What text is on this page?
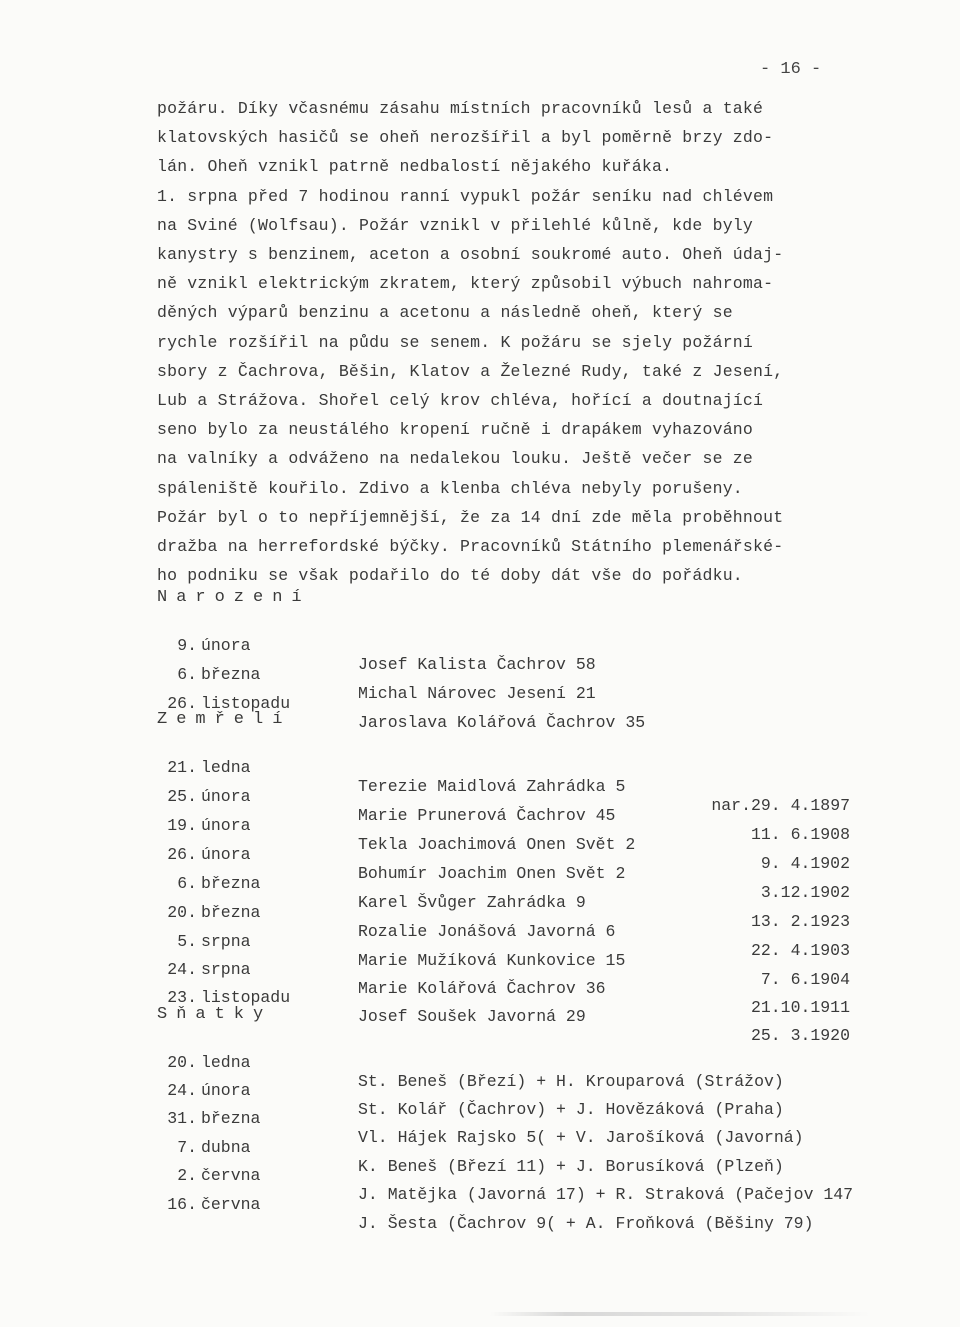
- 16 -
požáru. Díky včasnému zásahu místních pracovníků lesů a také
klatovských hasičů se oheň nerozšířil a byl poměrně brzy zdo-
lán. Oheň vznikl patrně nedbalostí nějakého kuřáka.
1. srpna před 7 hodinou ranní vypukl požár seníku nad chlévem
na Sviné (Wolfsau). Požár vznikl v přilehlé kůlně, kde byly
kanystry s benzinem, aceton a osobní soukromé auto. Oheň údaj-
ně vznikl elektrickým zkratem, který způsobil výbuch nahroma-
děných výparů benzinu a acetonu a následně oheň, který se
rychle rozšířil na půdu se senem. K požáru se sjely požární
sbory z Čachrova, Běšin, Klatov a Železné Rudy, také z Jesení,
Lub a Strážova. Shořel celý krov chléva, hořící a doutnající
seno bylo za neustálého kropení ručně i drapákem vyhazováno
na valníky a odváženo na nedalekou louku. Ještě večer se ze
spáleniště kouřilo. Zdivo a klenba chléva nebyly porušeny.
Požár byl o to nepříjemnější, že za 14 dní zde měla proběhnout
dražba na herrefordské býčky. Pracovníků Státního plemenářské-
ho podniku se však podařilo do té doby dát vše do pořádku.
Narození

9. února

Josef Kalista Čachrov 58

6. března

Michal Nárovec Jesení 21

26. listopadu

Jaroslava Kolářová Čachrov 35

Zemřelí

21. ledna

Terezie Maidlová Zahrádka 5

nar.29. 4.1897

25. února

Marie Prunerová Čachrov 45

11. 6.1908

19. února

Tekla Joachimová Onen Svět 2

9. 4.1902

26. února

Bohumír Joachim Onen Svět 2

3.12.1902

6. března

Karel Švůger Zahrádka 9

13. 2.1923

20. března

Rozalie Jonášová Javorná 6

22. 4.1903

5. srpna

Marie Mužíková Kunkovice 15

7. 6.1904

24. srpna

Marie Kolářová Čachrov 36

21.10.1911

23. listopadu

Josef Soušek Javorná 29

25. 3.1920

Sňatky

20. ledna

St. Beneš (Březí) + H. Krouparová (Strážov)

24. února

St. Kolář (Čachrov) + J. Hovězáková (Praha)

31. března

Vl. Hájek Rajsko 5( + V. Jarošíková (Javorná)

7. dubna

K. Beneš (Březí 11) + J. Borusíková (Plzeň)

2. června

J. Matějka (Javorná 17) + R. Straková (Pačejov 147

16. června

J. Šesta (Čachrov 9( + A. Froňková (Běšiny 79)
